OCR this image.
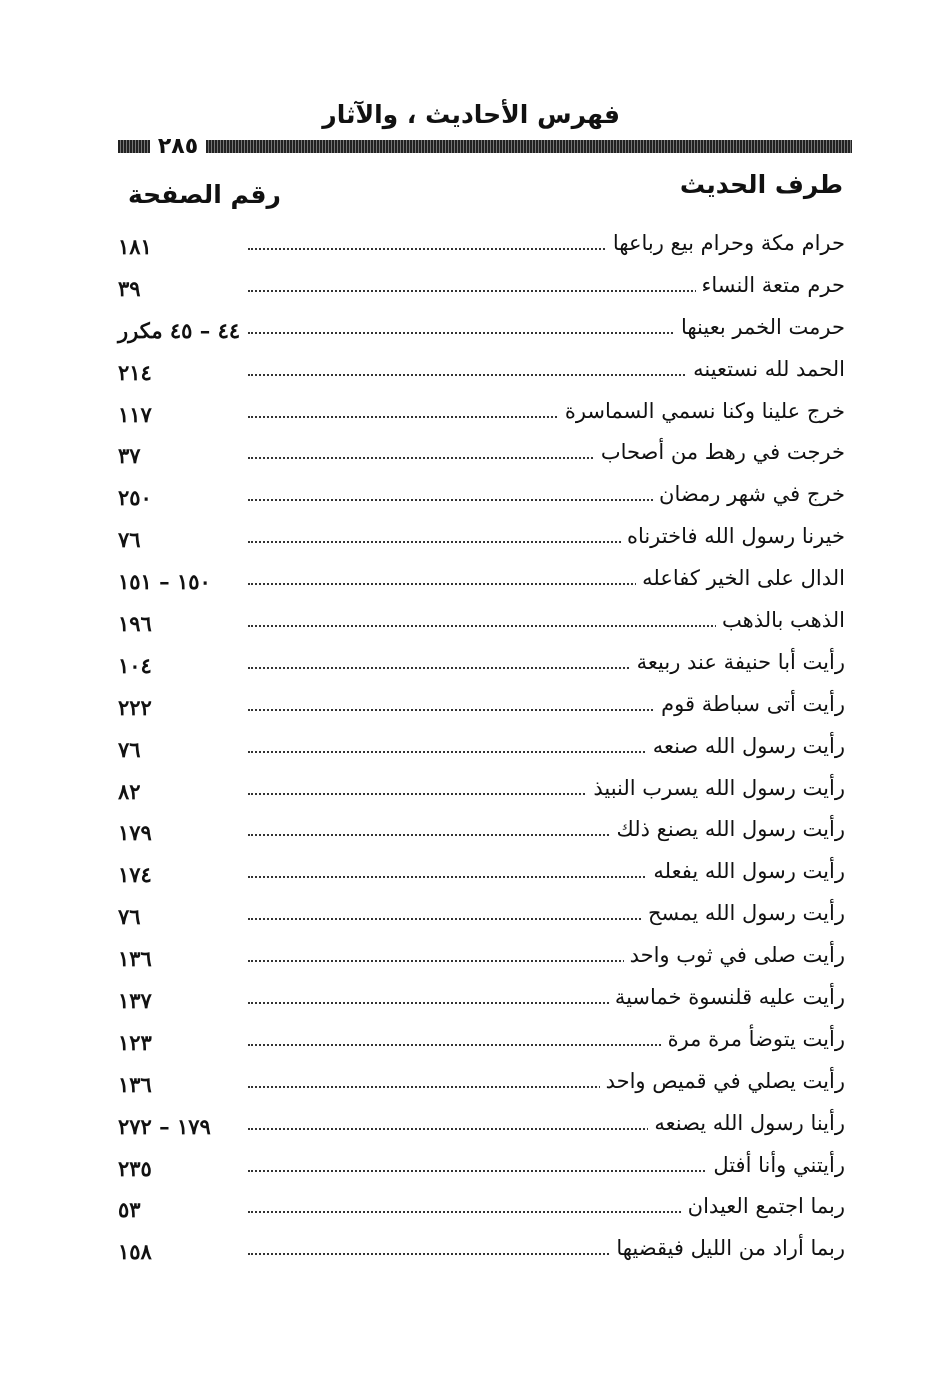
فهرس الأحاديث ، والآثار
٢٨٥
طرف الحديث
رقم الصفحة
حرام مكة وحرام بيع رباعها
١٨١
حرم متعة النساء
٣٩
حرمت الخمر بعينها
٤٤ – ٤٥ مكرر
الحمد لله نستعينه
٢١٤
خرج علينا وكنا نسمي السماسرة
١١٧
خرجت في رهط من أصحاب
٣٧
خرج في شهر رمضان
٢٥٠
خيرنا رسول الله فاخترناه
٧٦
الدال على الخير كفاعله
١٥٠ – ١٥١
الذهب بالذهب
١٩٦
رأيت أبا حنيفة عند ربيعة
١٠٤
رأيت أتى سباطة قوم
٢٢٢
رأيت رسول الله صنعه
٧٦
رأيت رسول الله يسرب النبيذ
٨٢
رأيت رسول الله يصنع ذلك
١٧٩
رأيت رسول الله يفعله
١٧٤
رأيت رسول الله يمسح
٧٦
رأيت صلى في ثوب واحد
١٣٦
رأيت عليه قلنسوة خماسية
١٣٧
رأيت يتوضأ مرة مرة
١٢٣
رأيت يصلي في قميص واحد
١٣٦
رأينا رسول الله يصنعه
١٧٩ – ٢٧٢
رأيتني وأنا أفتل
٢٣٥
ربما اجتمع العيدان
٥٣
ربما أراد من الليل فيقضيها
١٥٨
